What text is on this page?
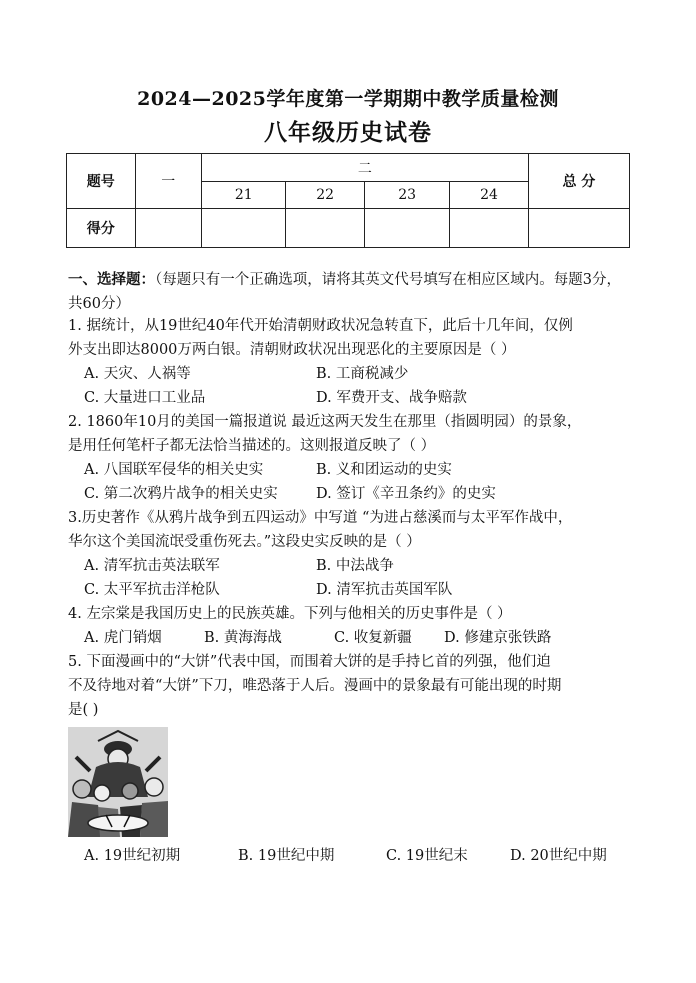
2024—2025学年度第一学期期中教学质量检测
八年级历史试卷
题号	一	二				总 分
		21	22	23	24	
得分						
一、选择题：（每题只有一个正确选项，请将其英文代号填写在相应区域内。每题3分，共60分）
1. 据统计，从19世纪40年代开始清朝财政状况急转直下，此后十几年间，仅例
外支出即达8000万两白银。清朝财政状况出现恶化的主要原因是（ ）
A. 天灾、人祸等	B. 工商税减少
C. 大量进口工业品	D. 军费开支、战争赔款
2. 1860年10月的美国一篇报道说 最近这两天发生在那里（指圆明园）的景象，
是用任何笔杆子都无法恰当描述的。这则报道反映了（ ）
A. 八国联军侵华的相关史实	B. 义和团运动的史实
C. 第二次鸦片战争的相关史实	D. 签订《辛丑条约》的史实
3.历史著作《从鸦片战争到五四运动》中写道 “为进占慈溪而与太平军作战中，
华尔这个美国流氓受重伤死去。”这段史实反映的是（ ）
A. 清军抗击英法联军	B. 中法战争
C. 太平军抗击洋枪队	D. 清军抗击英国军队
4. 左宗棠是我国历史上的民族英雄。下列与他相关的历史事件是（ ）
A. 虎门销烟	B. 黄海海战	C. 收复新疆 D. 修建京张铁路
5. 下面漫画中的“大饼”代表中国，而围着大饼的是手持匕首的列强，他们迫
不及待地对着“大饼”下刀，唯恐落于人后。漫画中的景象最有可能出现的时期
是( )
A. 19世纪初期	B. 19世纪中期	C. 19世纪末	D. 20世纪中期
